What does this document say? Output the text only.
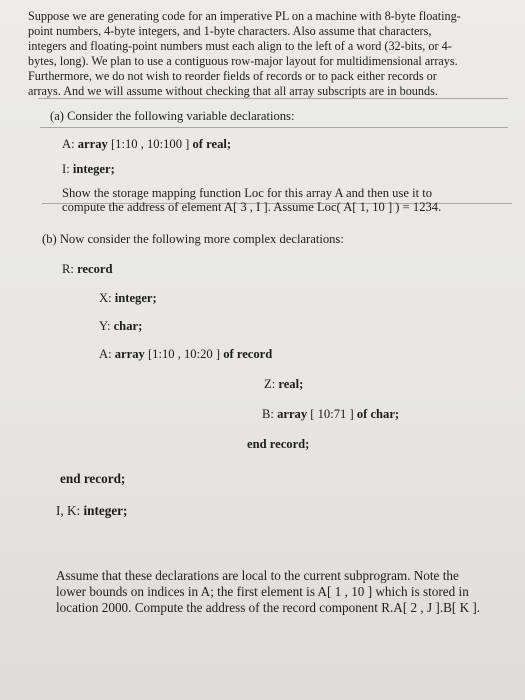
Suppose we are generating code for an imperative PL on a machine with 8-byte floating-
point numbers, 4-byte integers, and 1-byte characters. Also assume that characters,
integers and floating-point numbers must each align to the left of a word (32-bits, or 4-
bytes, long). We plan to use a contiguous row-major layout for multidimensional arrays.
Furthermore, we do not wish to reorder fields of records or to pack either records or
arrays. And we will assume without checking that all array subscripts are in bounds.
(a) Consider the following variable declarations:
A: array [1:10 , 10:100 ] of real;
I: integer;
Show the storage mapping function Loc for this array A and then use it to
compute the address of element A[ 3 , I ]. Assume Loc( A[ 1, 10 ] ) = 1234.
(b) Now consider the following more complex declarations:
R: record
X: integer;
Y: char;
A: array [1:10 , 10:20 ] of record
Z: real;
B: array [ 10:71 ] of char;
end record;
end record;
I, K: integer;
Assume that these declarations are local to the current subprogram. Note the
lower bounds on indices in A; the first element is A[ 1 , 10 ] which is stored in
location 2000. Compute the address of the record component R.A[ 2 , J ].B[ K ].
